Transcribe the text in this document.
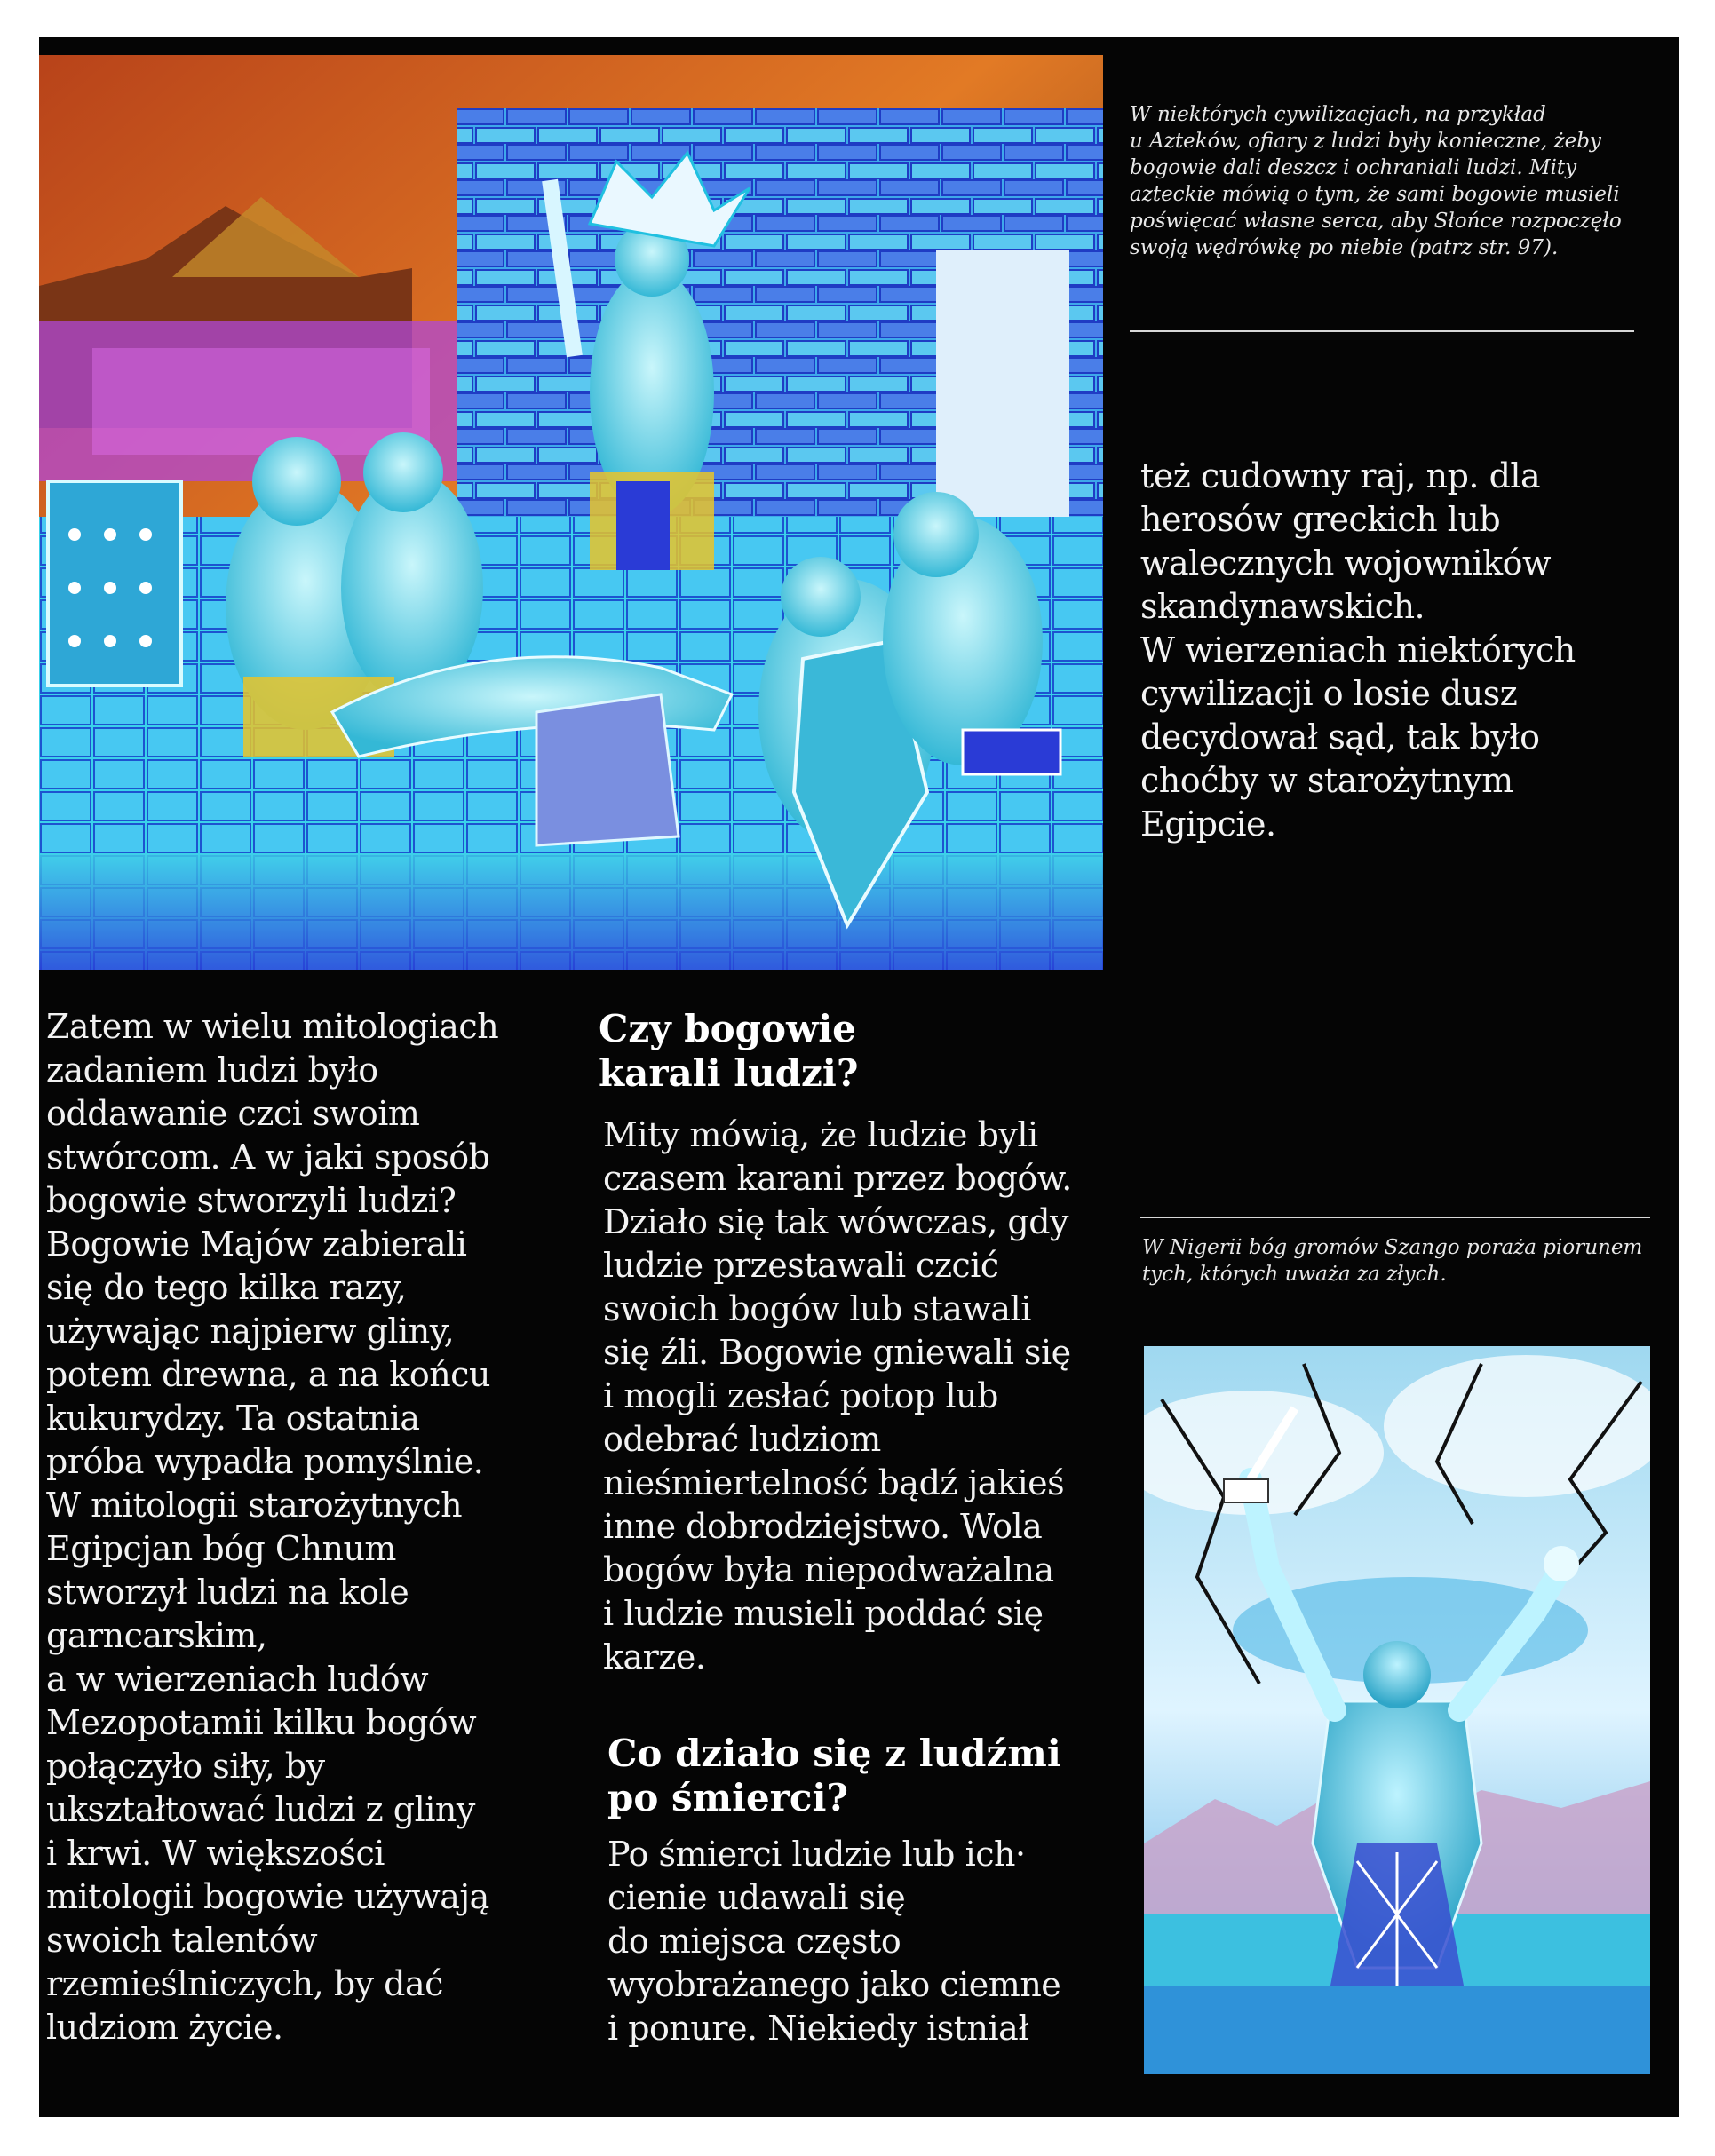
W niektórych cywilizacjach, na przykład
u Azteków, ofiary z ludzi były konieczne, żeby
bogowie dali deszcz i ochraniali ludzi. Mity
azteckie mówią o tym, że sami bogowie musieli
poświęcać własne serca, aby Słońce rozpoczęło
swoją wędrówkę po niebie (patrz str. 97).

też cudowny raj, np. dla
herosów greckich lub
walecznych wojowników
skandynawskich.
W wierzeniach niektórych
cywilizacji o losie dusz
decydował sąd, tak było
choćby w starożytnym
Egipcie.

Zatem w wielu mitologiach
zadaniem ludzi było
oddawanie czci swoim
stwórcom. A w jaki sposób
bogowie stworzyli ludzi?
Bogowie Majów zabierali
się do tego kilka razy,
używając najpierw gliny,
potem drewna, a na końcu
kukurydzy. Ta ostatnia
próba wypadła pomyślnie.
W mitologii starożytnych
Egipcjan bóg Chnum
stworzył ludzi na kole
garncarskim,
a w wierzeniach ludów
Mezopotamii kilku bogów
połączyło siły, by
ukształtować ludzi z gliny
i krwi. W większości
mitologii bogowie używają
swoich talentów
rzemieślniczych, by dać
ludziom życie.

Czy bogowie
karali ludzi?

Mity mówią, że ludzie byli
czasem karani przez bogów.
Działo się tak wówczas, gdy
ludzie przestawali czcić
swoich bogów lub stawali
się źli. Bogowie gniewali się
i mogli zesłać potop lub
odebrać ludziom
nieśmiertelność bądź jakieś
inne dobrodziejstwo. Wola
bogów była niepodważalna
i ludzie musieli poddać się
karze.

Co działo się z ludźmi
po śmierci?

Po śmierci ludzie lub ich·
cienie udawali się
do miejsca często
wyobrażanego jako ciemne
i ponure. Niekiedy istniał

W Nigerii bóg gromów Szango poraża piorunem
tych, których uważa za złych.
